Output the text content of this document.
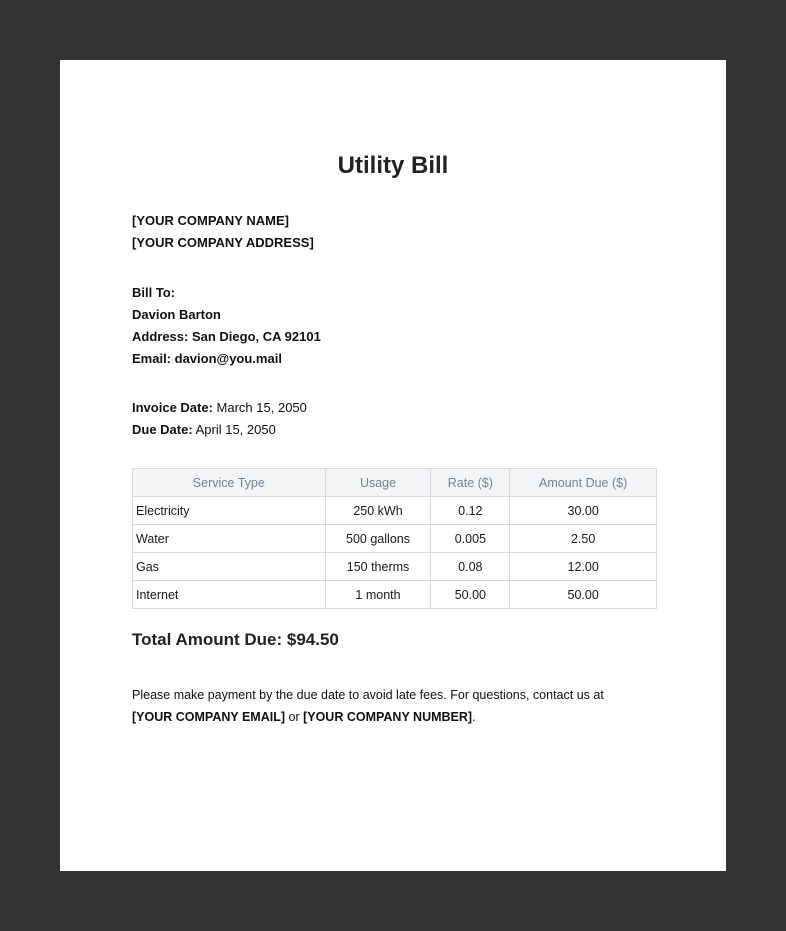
Utility Bill
[YOUR COMPANY NAME]
[YOUR COMPANY ADDRESS]
Bill To:
Davion Barton
Address: San Diego, CA 92101
Email: davion@you.mail
Invoice Date: March 15, 2050
Due Date: April 15, 2050
Service Type	Usage	Rate ($)	Amount Due ($)
Electricity	250 kWh	0.12	30.00
Water	500 gallons	0.005	2.50
Gas	150 therms	0.08	12.00
Internet	1 month	50.00	50.00
Total Amount Due: $94.50
Please make payment by the due date to avoid late fees. For questions, contact us at
[YOUR COMPANY EMAIL] or [YOUR COMPANY NUMBER].
